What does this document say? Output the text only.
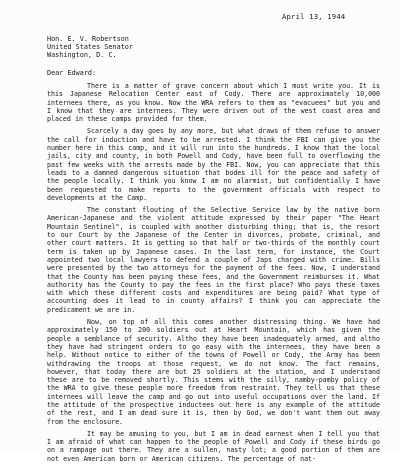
April 13, 1944
Hon. E. V. Robertson
United States Senator
Washington, D. C.
Dear Edward:

There is a matter of grave concern about which I must write you. It is this Japanese Relocation Center east of Cody. There are approximately 10,000 internees there, as you know. Now the WRA refers to them as "evacuees" but you and I know that they are internees. They were driven out of the west coast area and placed in these camps provided for them.

Scarcely a day goes by any more, but what draws of them refuse to answer the call for induction and have to be arrested. I think the FBI can give you the number here in this camp, and it will run into the hundreds. I know that the local jails, city and county, in both Powell and Cody, have been full to overflowing the past few weeks with the arrests made by the FBI. Now, you can appreciate that this leads to a damned dangerous situation that bodes ill for the peace and safety of the people locally. I think you know I am no alarmist, but confidentially I have been requested to make reports to the government officials with respect to developments at the Camp.

The constant flouting of the Selective Service law by the native born American-Japanese and the violent attitude expressed by their paper "The Heart Mountain Sentinel", is coupled with another disturbing thing; that is, the resort to our Court by the Japanese of the Center in divorces, probate, criminal, and other court matters. It is getting so that half or two-thirds of the monthly court term is taken up by Japanese cases. In the last term, for instance, the Court appointed two local lawyers to defend a couple of Japs charged with crime. Bills were presented by the two attorneys for the payment of the fees. Now, I understand that the County has been paying these fees, and the Government reimburses it. What authority has the County to pay the fees in the first place? Who pays these taxes with which these different costs and expenditures are being paid? What type of accounting does it lead to in county affairs? I think you can appreciate the predicament we are in.

Now, on top of all this comes another distressing thing. We have had approximately 150 to 200 soldiers out at Heart Mountain, which has given the people a semblance of security. Altho they have been inadequately armed, and altho they have had stringent orders to go easy with the internees, they have been a help. Without notice to either of the towns of Powell or Cody, the Army has been withdrawing the troops at those request, we do not know. The fact remains, however, that today there are but 25 soldiers at the station, and I understand these are to be removed shortly. This stems with the silly, namby-pamby policy of the WRA to give these people more freedom from restraint. They tell us that these internees will leave the camp and go out into useful occupations over the land. If the attitude of the prospective inductees out here is any example of the attitude of the rest, and I am dead sure it is, then by God, we don't want them out away from the enclosure.

It may be amusing to you, but I am in dead earnest when I tell you that I am afraid of what can happen to the people of Powell and Cody if these birds go on a rampage out there. They are a sullen, nasty lot; a good portion of them are not even American born or American citizens. The percentage of nat-
